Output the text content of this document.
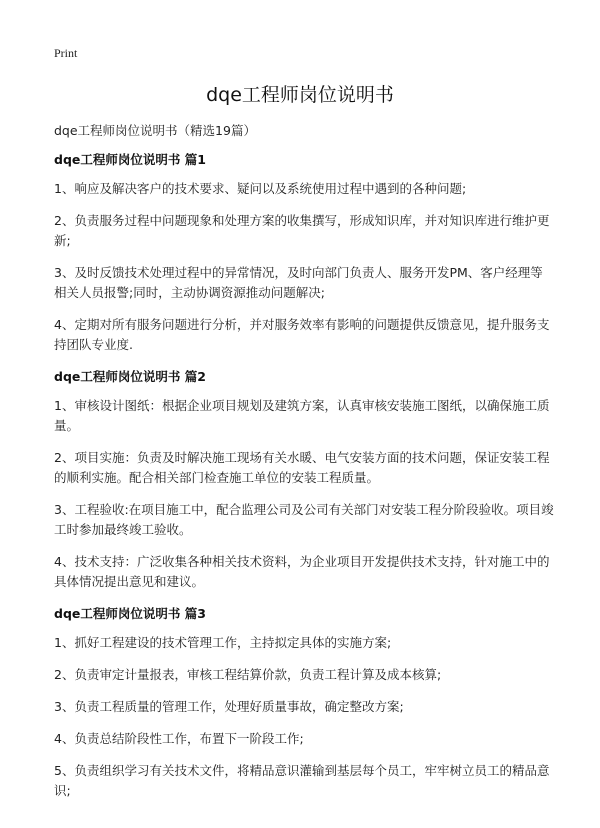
Print
dqe工程师岗位说明书
dqe工程师岗位说明书（精选19篇）

dqe工程师岗位说明书 篇1

1、响应及解决客户的技术要求、疑问以及系统使用过程中遇到的各种问题;

2、负责服务过程中问题现象和处理方案的收集撰写，形成知识库，并对知识库进行维护更新;

3、及时反馈技术处理过程中的异常情况，及时向部门负责人、服务开发PM、客户经理等相关人员报警;同时，主动协调资源推动问题解决;

4、定期对所有服务问题进行分析，并对服务效率有影响的问题提供反馈意见，提升服务支持团队专业度.

dqe工程师岗位说明书 篇2

1、审核设计图纸：根据企业项目规划及建筑方案，认真审核安装施工图纸，以确保施工质量。

2、项目实施：负责及时解决施工现场有关水暖、电气安装方面的技术问题，保证安装工程的顺利实施。配合相关部门检查施工单位的安装工程质量。

3、工程验收:在项目施工中，配合监理公司及公司有关部门对安装工程分阶段验收。项目竣工时参加最终竣工验收。

4、技术支持：广泛收集各种相关技术资料，为企业项目开发提供技术支持，针对施工中的具体情况提出意见和建议。

dqe工程师岗位说明书 篇3

1、抓好工程建设的技术管理工作，主持拟定具体的实施方案;

2、负责审定计量报表，审核工程结算价款，负责工程计算及成本核算;

3、负责工程质量的管理工作，处理好质量事故，确定整改方案;

4、负责总结阶段性工作，布置下一阶段工作;

5、负责组织学习有关技术文件，将精品意识灌输到基层每个员工，牢牢树立员工的精品意识;
